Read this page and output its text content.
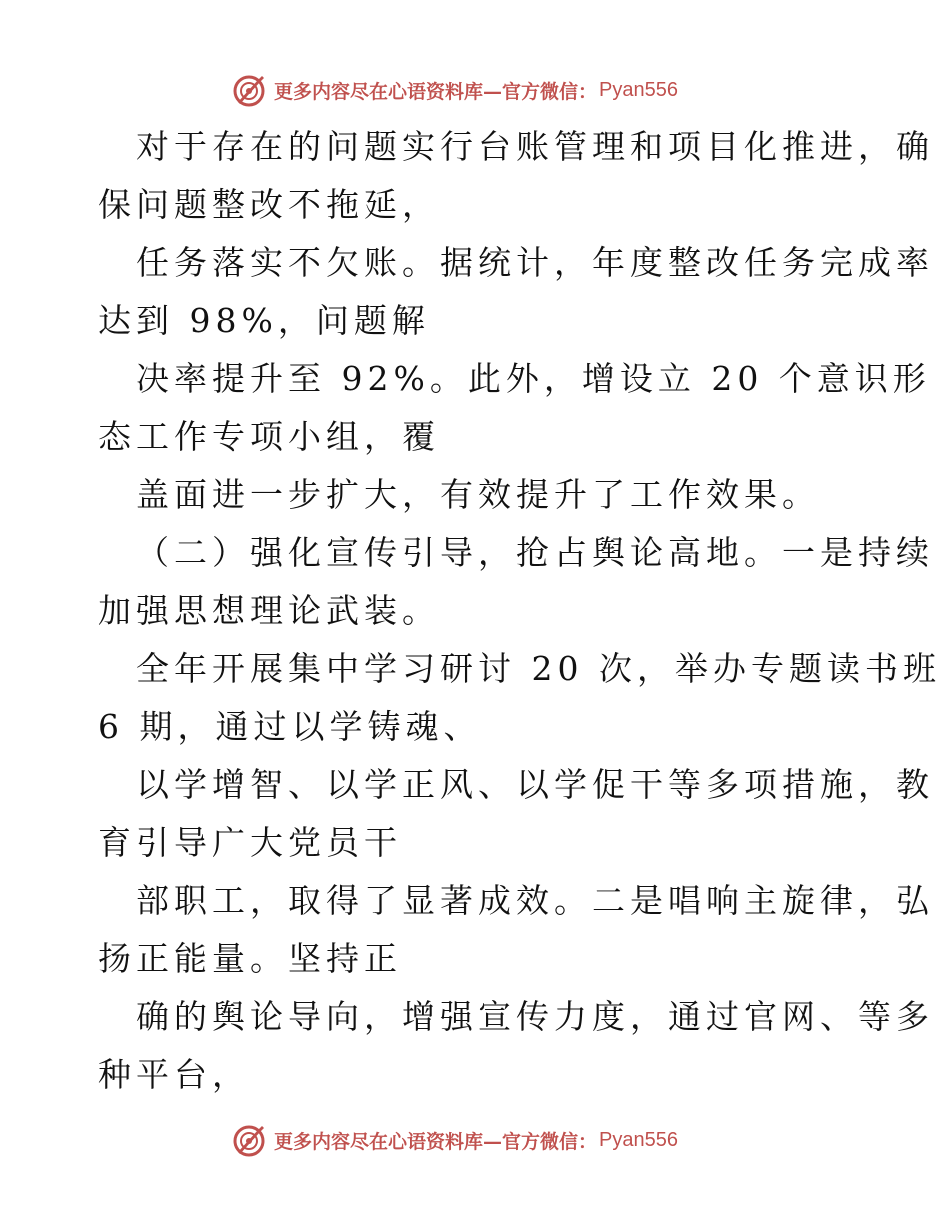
更多内容尽在心语资料库—官方微信： Pyan556
对于存在的问题实行台账管理和项目化推进，确
保问题整改不拖延，
任务落实不欠账。据统计，年度整改任务完成率
达到 98%，问题解
决率提升至 92%。此外，增设立 20 个意识形
态工作专项小组，覆
盖面进一步扩大，有效提升了工作效果。
（二）强化宣传引导，抢占舆论高地。一是持续
加强思想理论武装。
全年开展集中学习研讨 20 次，举办专题读书班
6 期，通过以学铸魂、
以学增智、以学正风、以学促干等多项措施，教
育引导广大党员干
部职工，取得了显著成效。二是唱响主旋律，弘
扬正能量。坚持正
确的舆论导向，增强宣传力度，通过官网、等多
种平台，
更多内容尽在心语资料库—官方微信： Pyan556
